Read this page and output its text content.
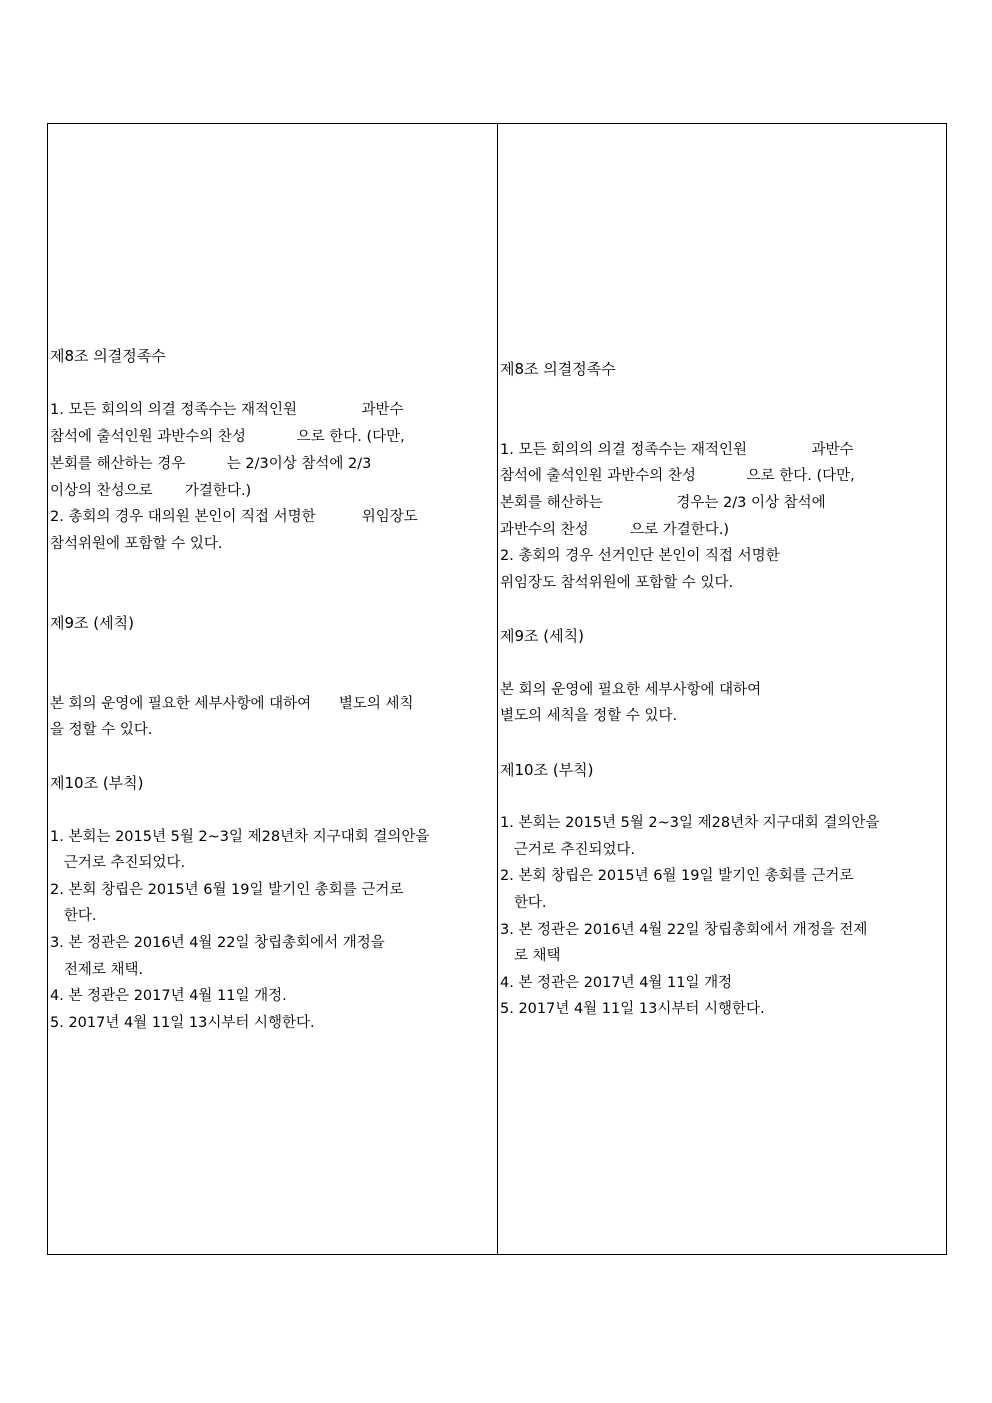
제8조 의결정족수
1. 모든 회의의 의결 정족수는 재적인원              과반수
참석에 출석인원 과반수의 찬성           으로 한다. (다만,
본회를 해산하는 경우         는 2/3이상 참석에 2/3
이상의 찬성으로       가결한다.)
2. 총회의 경우 대의원 본인이 직접 서명한          위임장도
참석위원에 포함할 수 있다.
제9조 (세칙)
본 회의 운영에 필요한 세부사항에 대하여      별도의 세칙
을 정할 수 있다.
제10조 (부칙)
1. 본회는 2015년 5월 2~3일 제28년차 지구대회 결의안을
근거로 추진되었다.
2. 본회 창립은 2015년 6월 19일 발기인 총회를 근거로
한다.
3. 본 정관은 2016년 4월 22일 창립총회에서 개정을
전제로 채택.
4. 본 정관은 2017년 4월 11일 개정.
5. 2017년 4월 11일 13시부터 시행한다.
제8조 의결정족수
1. 모든 회의의 의결 정족수는 재적인원              과반수
참석에 출석인원 과반수의 찬성           으로 한다. (다만,
본회를 해산하는                경우는 2/3 이상 참석에
과반수의 찬성         으로 가결한다.)
2. 총회의 경우 선거인단 본인이 직접 서명한
위임장도 참석위원에 포함할 수 있다.
제9조 (세칙)
본 회의 운영에 필요한 세부사항에 대하여
별도의 세칙을 정할 수 있다.
제10조 (부칙)
1. 본회는 2015년 5월 2~3일 제28년차 지구대회 결의안을
근거로 추진되었다.
2. 본회 창립은 2015년 6월 19일 발기인 총회를 근거로
한다.
3. 본 정관은 2016년 4월 22일 창립총회에서 개정을 전제
로 채택
4. 본 정관은 2017년 4월 11일 개정
5. 2017년 4월 11일 13시부터 시행한다.
